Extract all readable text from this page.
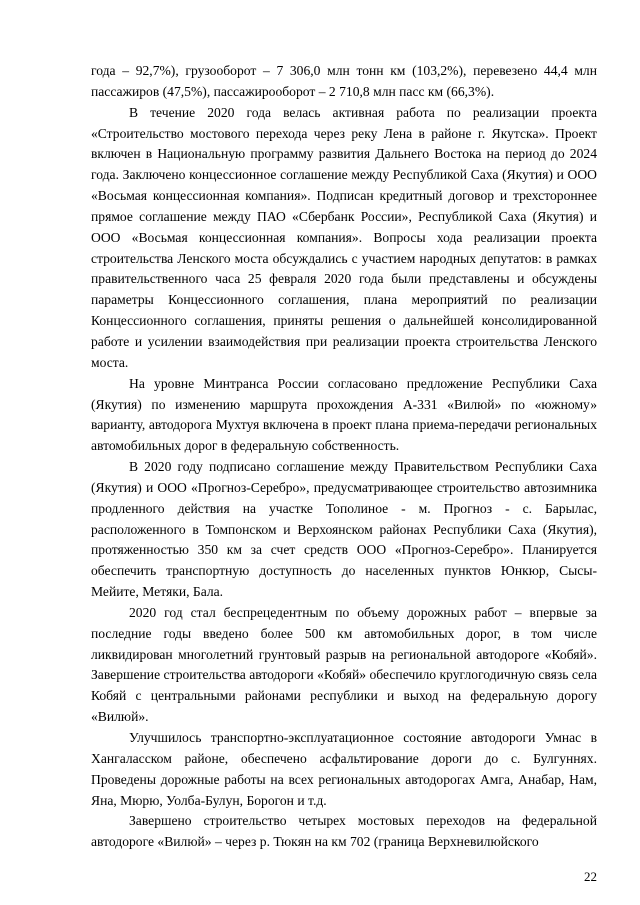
года – 92,7%), грузооборот – 7 306,0 млн тонн км (103,2%), перевезено 44,4 млн пассажиров (47,5%), пассажирооборот – 2 710,8 млн пасс км (66,3%).

В течение 2020 года велась активная работа по реализации проекта «Строительство мостового перехода через реку Лена в районе г. Якутска». Проект включен в Национальную программу развития Дальнего Востока на период до 2024 года. Заключено концессионное соглашение между Республикой Саха (Якутия) и ООО «Восьмая концессионная компания». Подписан кредитный договор и трехстороннее прямое соглашение между ПАО «Сбербанк России», Республикой Саха (Якутия) и ООО «Восьмая концессионная компания». Вопросы хода реализации проекта строительства Ленского моста обсуждались с участием народных депутатов: в рамках правительственного часа 25 февраля 2020 года были представлены и обсуждены параметры Концессионного соглашения, плана мероприятий по реализации Концессионного соглашения, приняты решения о дальнейшей консолидированной работе и усилении взаимодействия при реализации проекта строительства Ленского моста.

На уровне Минтранса России согласовано предложение Республики Саха (Якутия) по изменению маршрута прохождения А-331 «Вилюй» по «южному» варианту, автодорога Мухтуя включена в проект плана приема-передачи региональных автомобильных дорог в федеральную собственность.

В 2020 году подписано соглашение между Правительством Республики Саха (Якутия) и ООО «Прогноз-Серебро», предусматривающее строительство автозимника продленного действия на участке Тополиное - м. Прогноз - с. Барылас, расположенного в Томпонском и Верхоянском районах Республики Саха (Якутия), протяженностью 350 км за счет средств ООО «Прогноз-Серебро». Планируется обеспечить транспортную доступность до населенных пунктов Юнкюр, Сысы-Мейите, Метяки, Бала.

2020 год стал беспрецедентным по объему дорожных работ – впервые за последние годы введено более 500 км автомобильных дорог, в том числе ликвидирован многолетний грунтовый разрыв на региональной автодороге «Кобяй». Завершение строительства автодороги «Кобяй» обеспечило круглогодичную связь села Кобяй с центральными районами республики и выход на федеральную дорогу «Вилюй».

Улучшилось транспортно-эксплуатационное состояние автодороги Умнас в Хангаласском районе, обеспечено асфальтирование дороги до с. Булгуннях. Проведены дорожные работы на всех региональных автодорогах Амга, Анабар, Нам, Яна, Мюрю, Уолба-Булун, Борогон и т.д.

Завершено строительство четырех мостовых переходов на федеральной автодороге «Вилюй» – через р. Тюкян на км 702 (граница Верхневилюйского

22
